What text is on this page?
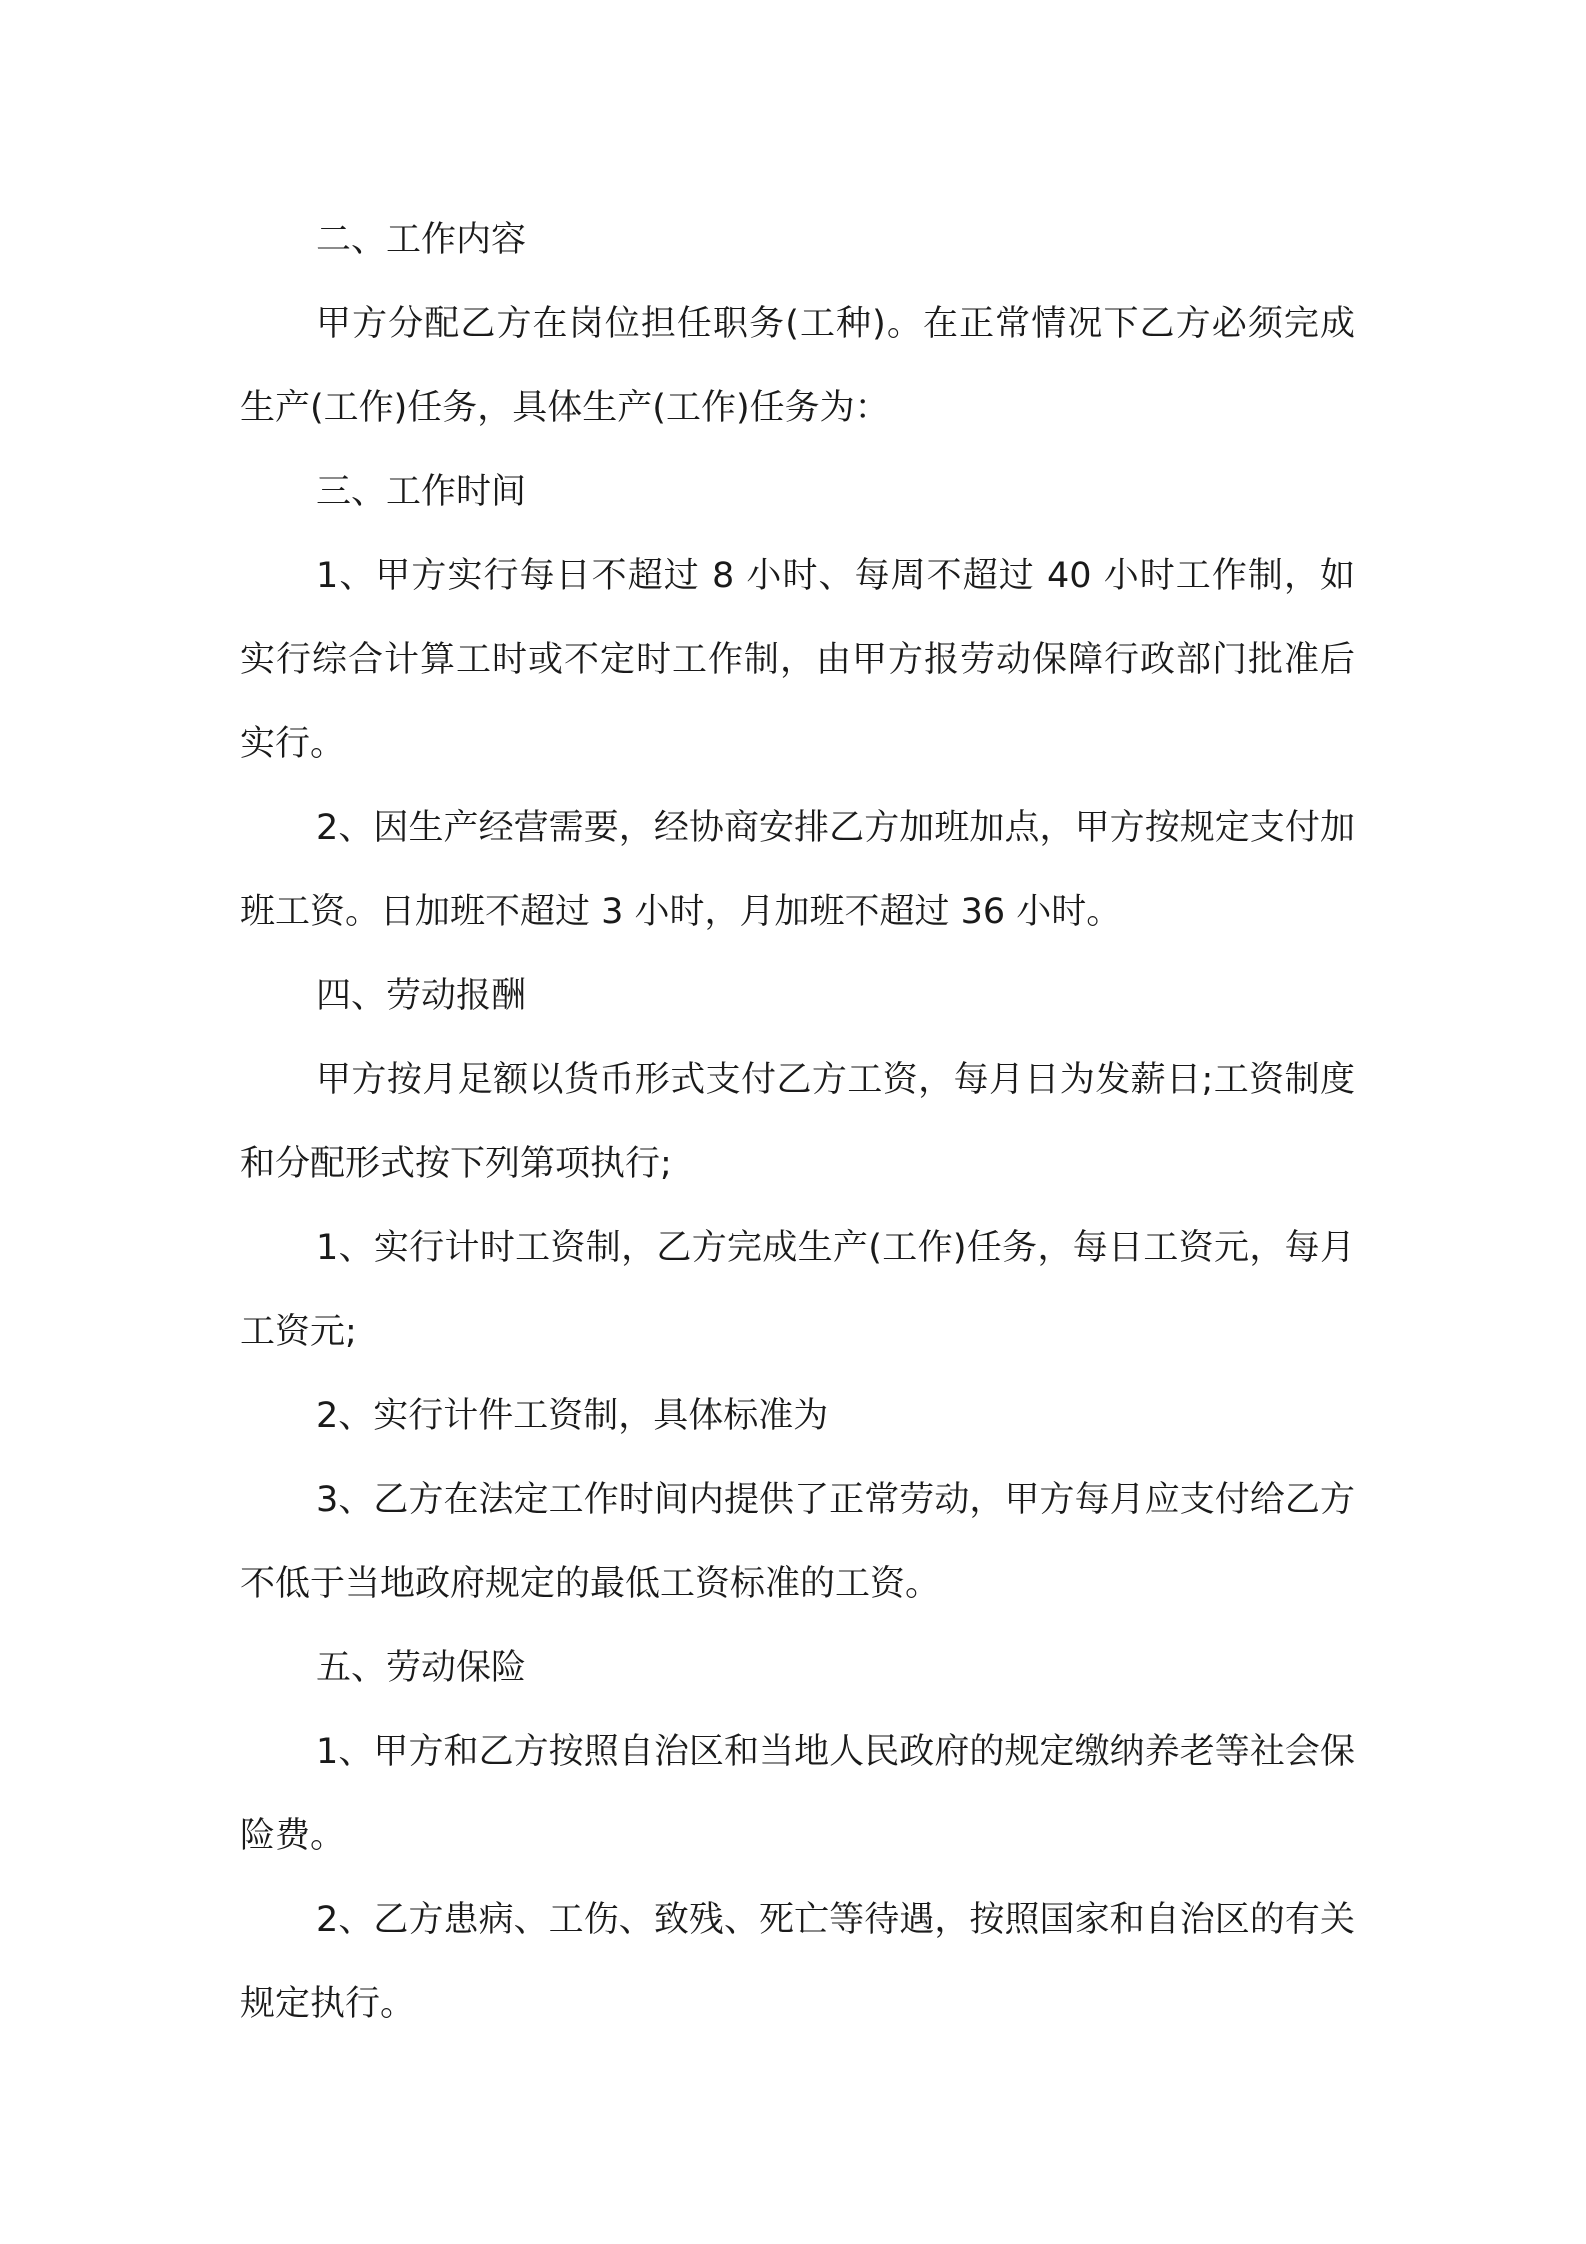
二、工作内容

甲方分配乙方在岗位担任职务(工种)。在正常情况下乙方必须完成生产(工作)任务，具体生产(工作)任务为：

三、工作时间

1、甲方实行每日不超过 8 小时、每周不超过 40 小时工作制，如实行综合计算工时或不定时工作制，由甲方报劳动保障行政部门批准后实行。

2、因生产经营需要，经协商安排乙方加班加点，甲方按规定支付加班工资。日加班不超过 3 小时，月加班不超过 36 小时。

四、劳动报酬

甲方按月足额以货币形式支付乙方工资，每月日为发薪日;工资制度和分配形式按下列第项执行;

1、实行计时工资制，乙方完成生产(工作)任务，每日工资元，每月工资元;

2、实行计件工资制，具体标准为

3、乙方在法定工作时间内提供了正常劳动，甲方每月应支付给乙方不低于当地政府规定的最低工资标准的工资。

五、劳动保险

1、甲方和乙方按照自治区和当地人民政府的规定缴纳养老等社会保险费。

2、乙方患病、工伤、致残、死亡等待遇，按照国家和自治区的有关规定执行。
